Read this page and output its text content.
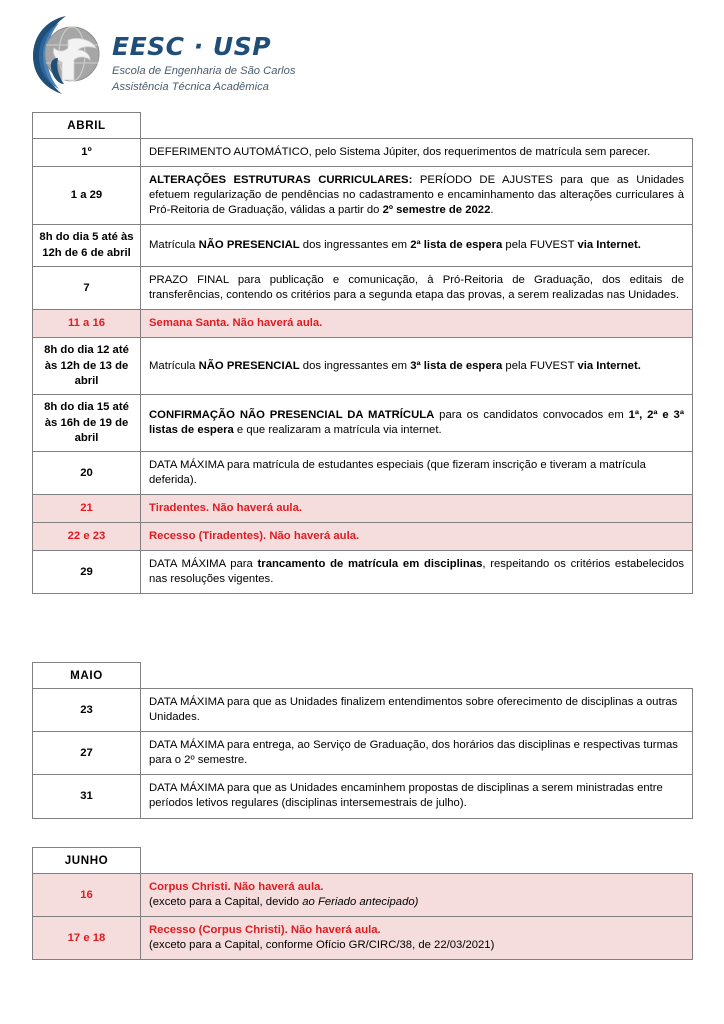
EESC · USP
Escola de Engenharia de São Carlos
Assistência Técnica Acadêmica
ABRIL	
1º	DEFERIMENTO AUTOMÁTICO, pelo Sistema Júpiter, dos requerimentos de matrícula sem parecer.
1 a 29	ALTERAÇÕES ESTRUTURAS CURRICULARES: PERÍODO DE AJUSTES para que as Unidades efetuem regularização de pendências no cadastramento e encaminhamento das alterações curriculares à Pró-Reitoria de Graduação, válidas a partir do 2º semestre de 2022.
8h do dia 5 até às 12h de 6 de abril	Matrícula NÃO PRESENCIAL dos ingressantes em 2ª lista de espera pela FUVEST via Internet.
7	PRAZO FINAL para publicação e comunicação, à Pró-Reitoria de Graduação, dos editais de transferências, contendo os critérios para a segunda etapa das provas, a serem realizadas nas Unidades.
11 a 16	Semana Santa. Não haverá aula.
8h do dia 12 até às 12h de 13 de abril	Matrícula NÃO PRESENCIAL dos ingressantes em 3ª lista de espera pela FUVEST via Internet.
8h do dia 15 até às 16h de 19 de abril	CONFIRMAÇÃO NÃO PRESENCIAL DA MATRÍCULA para os candidatos convocados em 1ª, 2ª e 3ª listas de espera e que realizaram a matrícula via internet.
20	DATA MÁXIMA para matrícula de estudantes especiais (que fizeram inscrição e tiveram a matrícula deferida).
21	Tiradentes. Não haverá aula.
22 e 23	Recesso (Tiradentes). Não haverá aula.
29	DATA MÁXIMA para trancamento de matrícula em disciplinas, respeitando os critérios estabelecidos nas resoluções vigentes.
MAIO	
23	DATA MÁXIMA para que as Unidades finalizem entendimentos sobre oferecimento de disciplinas a outras Unidades.
27	DATA MÁXIMA para entrega, ao Serviço de Graduação, dos horários das disciplinas e respectivas turmas para o 2º semestre.
31	DATA MÁXIMA para que as Unidades encaminhem propostas de disciplinas a serem ministradas entre períodos letivos regulares (disciplinas intersemestrais de julho).
JUNHO	
16	Corpus Christi. Não haverá aula.
(exceto para a Capital, devido ao Feriado antecipado)
17 e 18	Recesso (Corpus Christi). Não haverá aula.
(exceto para a Capital, conforme Ofício GR/CIRC/38, de 22/03/2021)
